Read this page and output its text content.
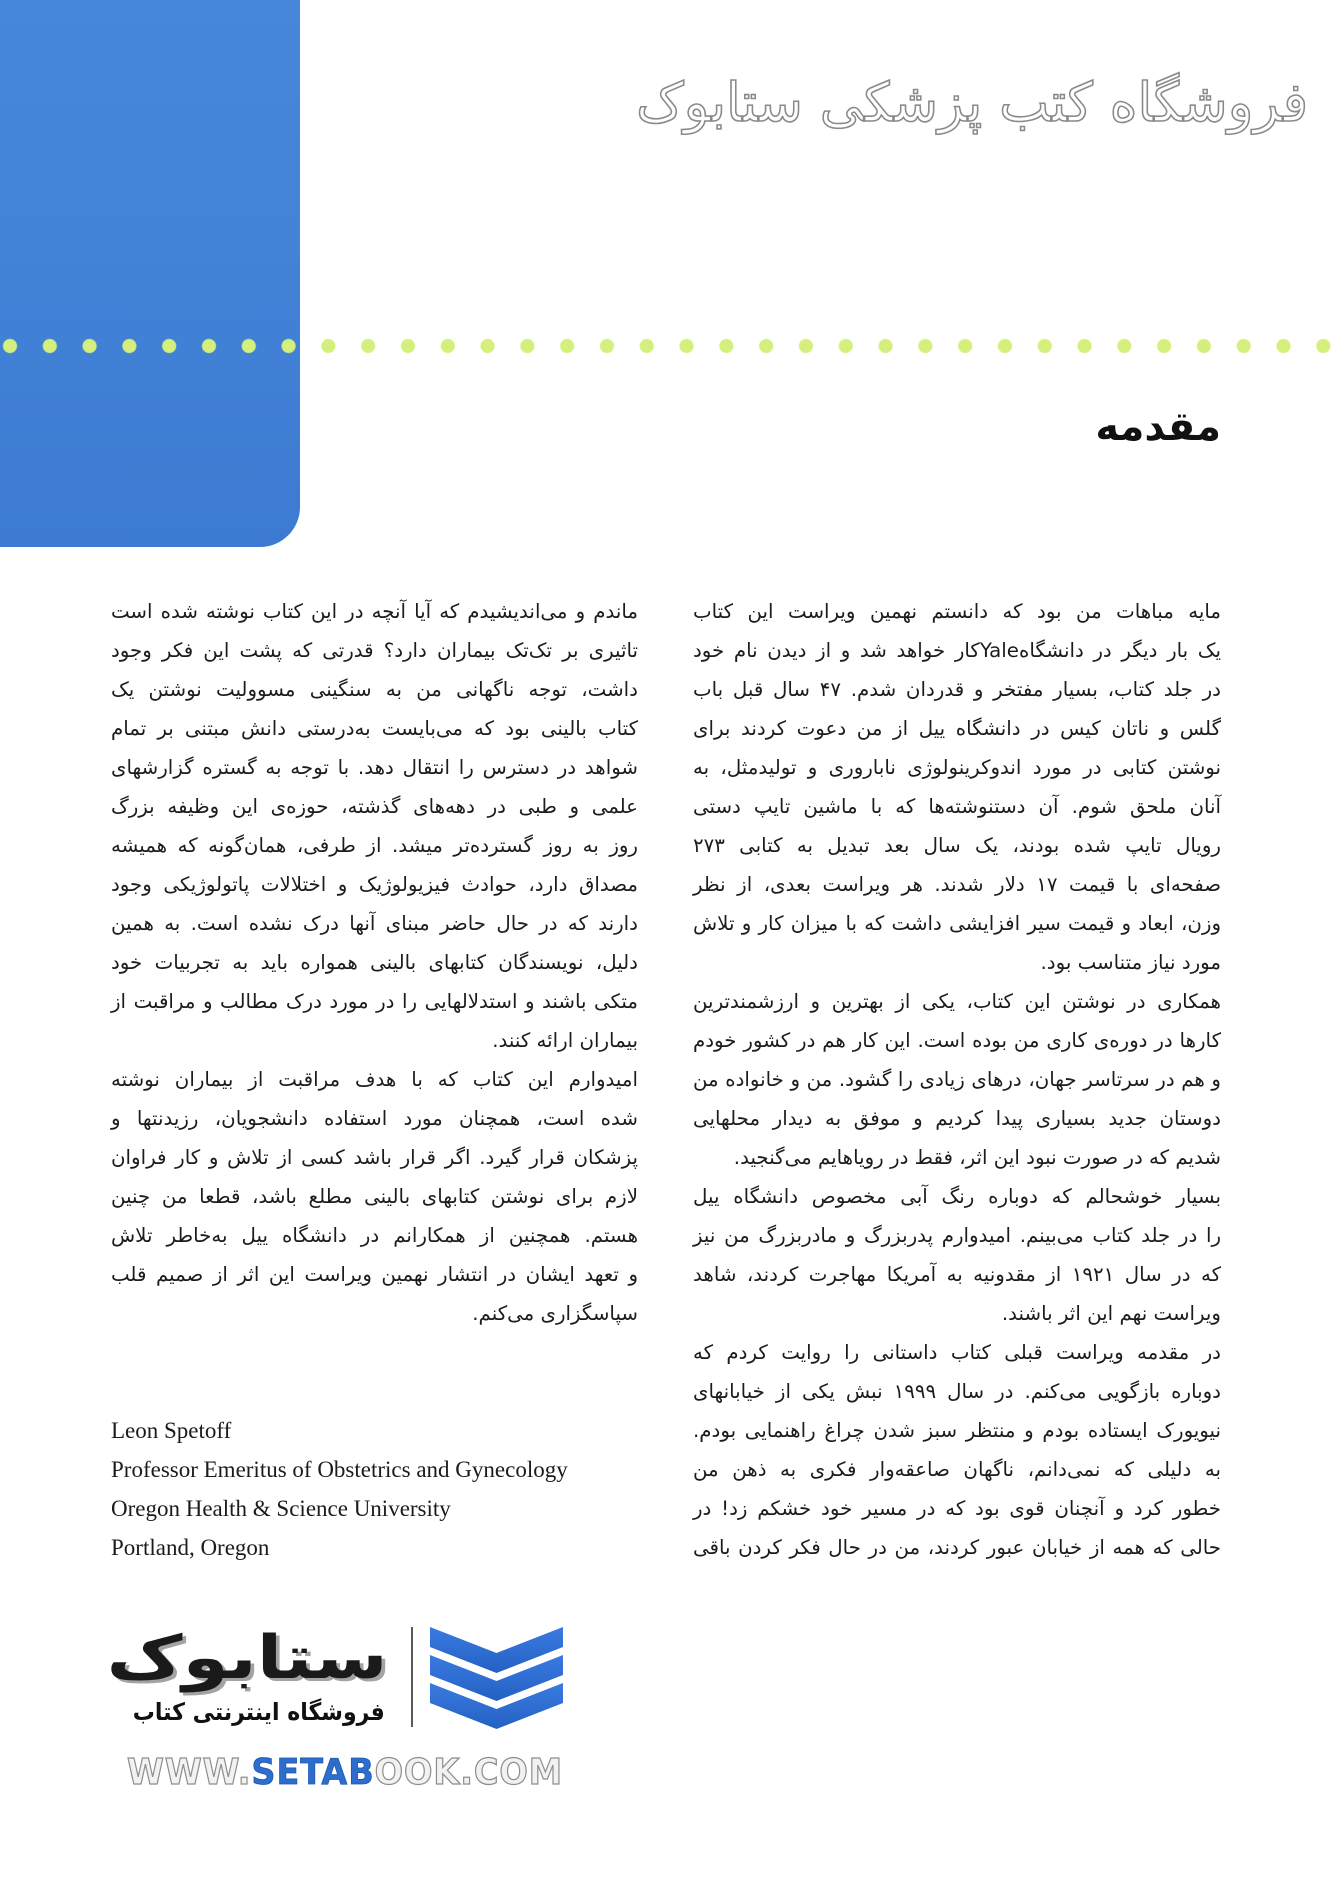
فروشگاه کتب پزشکی ستابوک
مقدمه
مایه مباهات من بود که دانستم نهمین ویراست این کتاب
یک بار دیگر در دانشگاهYaleکار خواهد شد و از دیدن نام خود
در جلد کتاب، بسیار مفتخر و قدردان شدم. ۴۷ سال قبل باب
گلس و ناتان کیس در دانشگاه ییل از من دعوت کردند برای
نوشتن کتابی در مورد اندوکرینولوژی ناباروری و تولیدمثل، به
آنان ملحق شوم. آن دستنوشته‌ها که با ماشین تایپ دستی
رویال تایپ شده بودند، یک سال بعد تبدیل به کتابی ۲۷۳
صفحه‌ای با قیمت ۱۷ دلار شدند. هر ویراست بعدی، از نظر
وزن، ابعاد و قیمت سیر افزایشی داشت که با میزان کار و تلاش
مورد نیاز متناسب بود.
همکاری در نوشتن این کتاب، یکی از بهترین و ارزشمندترین
کارها در دوره‌ی کاری من بوده است. این کار هم در کشور خودم
و هم در سرتاسر جهان، درهای زیادی را گشود. من و خانواده من
دوستان جدید بسیاری پیدا کردیم و موفق به دیدار محلهایی
شدیم که در صورت نبود این اثر، فقط در رویاهایم می‌گنجید.
بسیار خوشحالم که دوباره رنگ آبی مخصوص دانشگاه ییل
را در جلد کتاب می‌بینم. امیدوارم پدربزرگ و مادربزرگ من نیز
که در سال ۱۹۲۱ از مقدونیه به آمریکا مهاجرت کردند، شاهد
ویراست نهم این اثر باشند.
در مقدمه ویراست قبلی کتاب داستانی را روایت کردم که
دوباره بازگویی می‌کنم. در سال ۱۹۹۹ نبش یکی از خیابانهای
نیویورک ایستاده بودم و منتظر سبز شدن چراغ راهنمایی بودم.
به دلیلی که نمی‌دانم، ناگهان صاعقه‌وار فکری به ذهن من
خطور کرد و آنچنان قوی بود که در مسیر خود خشکم زد! در
حالی که همه از خیابان عبور کردند، من در حال فکر کردن باقی
ماندم و می‌اندیشیدم که آیا آنچه در این کتاب نوشته شده است
تاثیری بر تک‌تک بیماران دارد؟ قدرتی که پشت این فکر وجود
داشت، توجه ناگهانی من به سنگینی مسوولیت نوشتن یک
کتاب بالینی بود که می‌بایست به‌درستی دانش مبتنی بر تمام
شواهد در دسترس را انتقال دهد. با توجه به گستره گزارشهای
علمی و طبی در دهه‌های گذشته، حوزه‌ی این وظیفه بزرگ
روز به روز گسترده‌تر میشد. از طرفی، همان‌گونه که همیشه
مصداق دارد، حوادث فیزیولوژیک و اختلالات پاتولوژیکی وجود
دارند که در حال حاضر مبنای آنها درک نشده است. به همین
دلیل، نویسندگان کتابهای بالینی همواره باید به تجربیات خود
متکی باشند و استدلالهایی را در مورد درک مطالب و مراقبت از
بیماران ارائه کنند.
امیدوارم این کتاب که با هدف مراقبت از بیماران نوشته
شده است، همچنان مورد استفاده دانشجویان، رزیدنتها و
پزشکان قرار گیرد. اگر قرار باشد کسی از تلاش و کار فراوان
لازم برای نوشتن کتابهای بالینی مطلع باشد، قطعا من چنین
هستم. همچنین از همکارانم در دانشگاه ییل به‌خاطر تلاش
و تعهد ایشان در انتشار نهمین ویراست این اثر از صمیم قلب
سپاسگزاری می‌کنم.
Leon Spetoff
Professor Emeritus of Obstetrics and Gynecology
Oregon Health & Science University
Portland, Oregon
ستابوک
فروشگاه اینترنتی کتاب
WWW.SETABOOK.COM
